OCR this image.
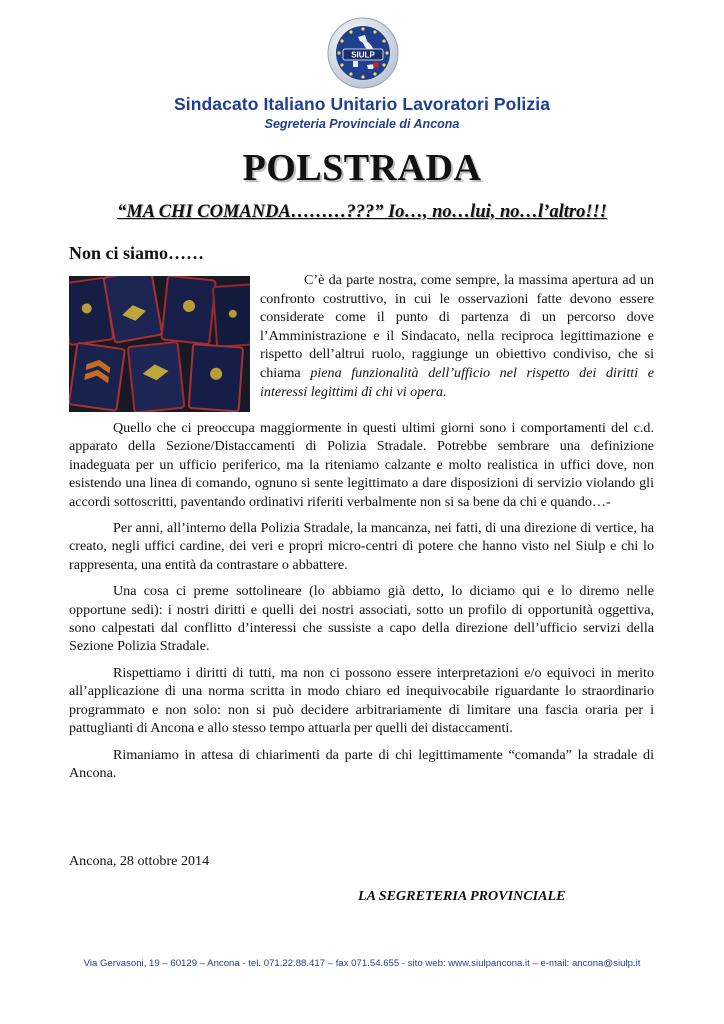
SIULP
Sindacato Italiano Unitario Lavoratori Polizia
Segreteria Provinciale di Ancona
POLSTRADA
“MA CHI COMANDA………???” Io…, no…lui, no…l’altro!!!
Non ci siamo……

C’è da parte nostra, come sempre, la massima apertura ad un confronto costruttivo, in cui le osservazioni fatte devono essere considerate come il punto di partenza di un percorso dove l’Amministrazione e il Sindacato, nella reciproca legittimazione e rispetto dell’altrui ruolo, raggiunge un obiettivo condiviso, che si chiama piena funzionalità dell’ufficio nel rispetto dei diritti e interessi legittimi di chi vi opera.

Quello che ci preoccupa maggiormente in questi ultimi giorni sono i comportamenti del c.d. apparato della Sezione/Distaccamenti di Polizia Stradale. Potrebbe sembrare una definizione inadeguata per un ufficio periferico, ma la riteniamo calzante e molto realistica in uffici dove, non esistendo una linea di comando, ognuno si sente legittimato a dare disposizioni di servizio violando gli accordi sottoscritti, paventando ordinativi riferiti verbalmente non si sa bene da chi e quando…-

Per anni, all’interno della Polizia Stradale, la mancanza, nei fatti, di una direzione di vertice, ha creato, negli uffici cardine, dei veri e propri micro-centri di potere che hanno visto nel Siulp e chi lo rappresenta, una entità da contrastare o abbattere.

Una cosa ci preme sottolineare (lo abbiamo già detto, lo diciamo qui e lo diremo nelle opportune sedi): i nostri diritti e quelli dei nostri associati, sotto un profilo di opportunità oggettiva, sono calpestati dal conflitto d’interessi che sussiste a capo della direzione dell’ufficio servizi della Sezione Polizia Stradale.

Rispettiamo i diritti di tutti, ma non ci possono essere interpretazioni e/o equivoci in merito all’applicazione di una norma scritta in modo chiaro ed inequivocabile riguardante lo straordinario programmato e non solo: non si può decidere arbitrariamente di limitare una fascia oraria per i pattuglianti di Ancona e allo stesso tempo attuarla per quelli dei distaccamenti.

Rimaniamo in attesa di chiarimenti da parte di chi legittimamente “comanda” la stradale di Ancona.

Ancona, 28 ottobre 2014
LA SEGRETERIA PROVINCIALE
Via Gervasoni, 19 – 60129 – Ancona - tel. 071.22.88.417 – fax 071.54.655 - sito web: www.siulpancona.it – e-mail: ancona@siulp.it
